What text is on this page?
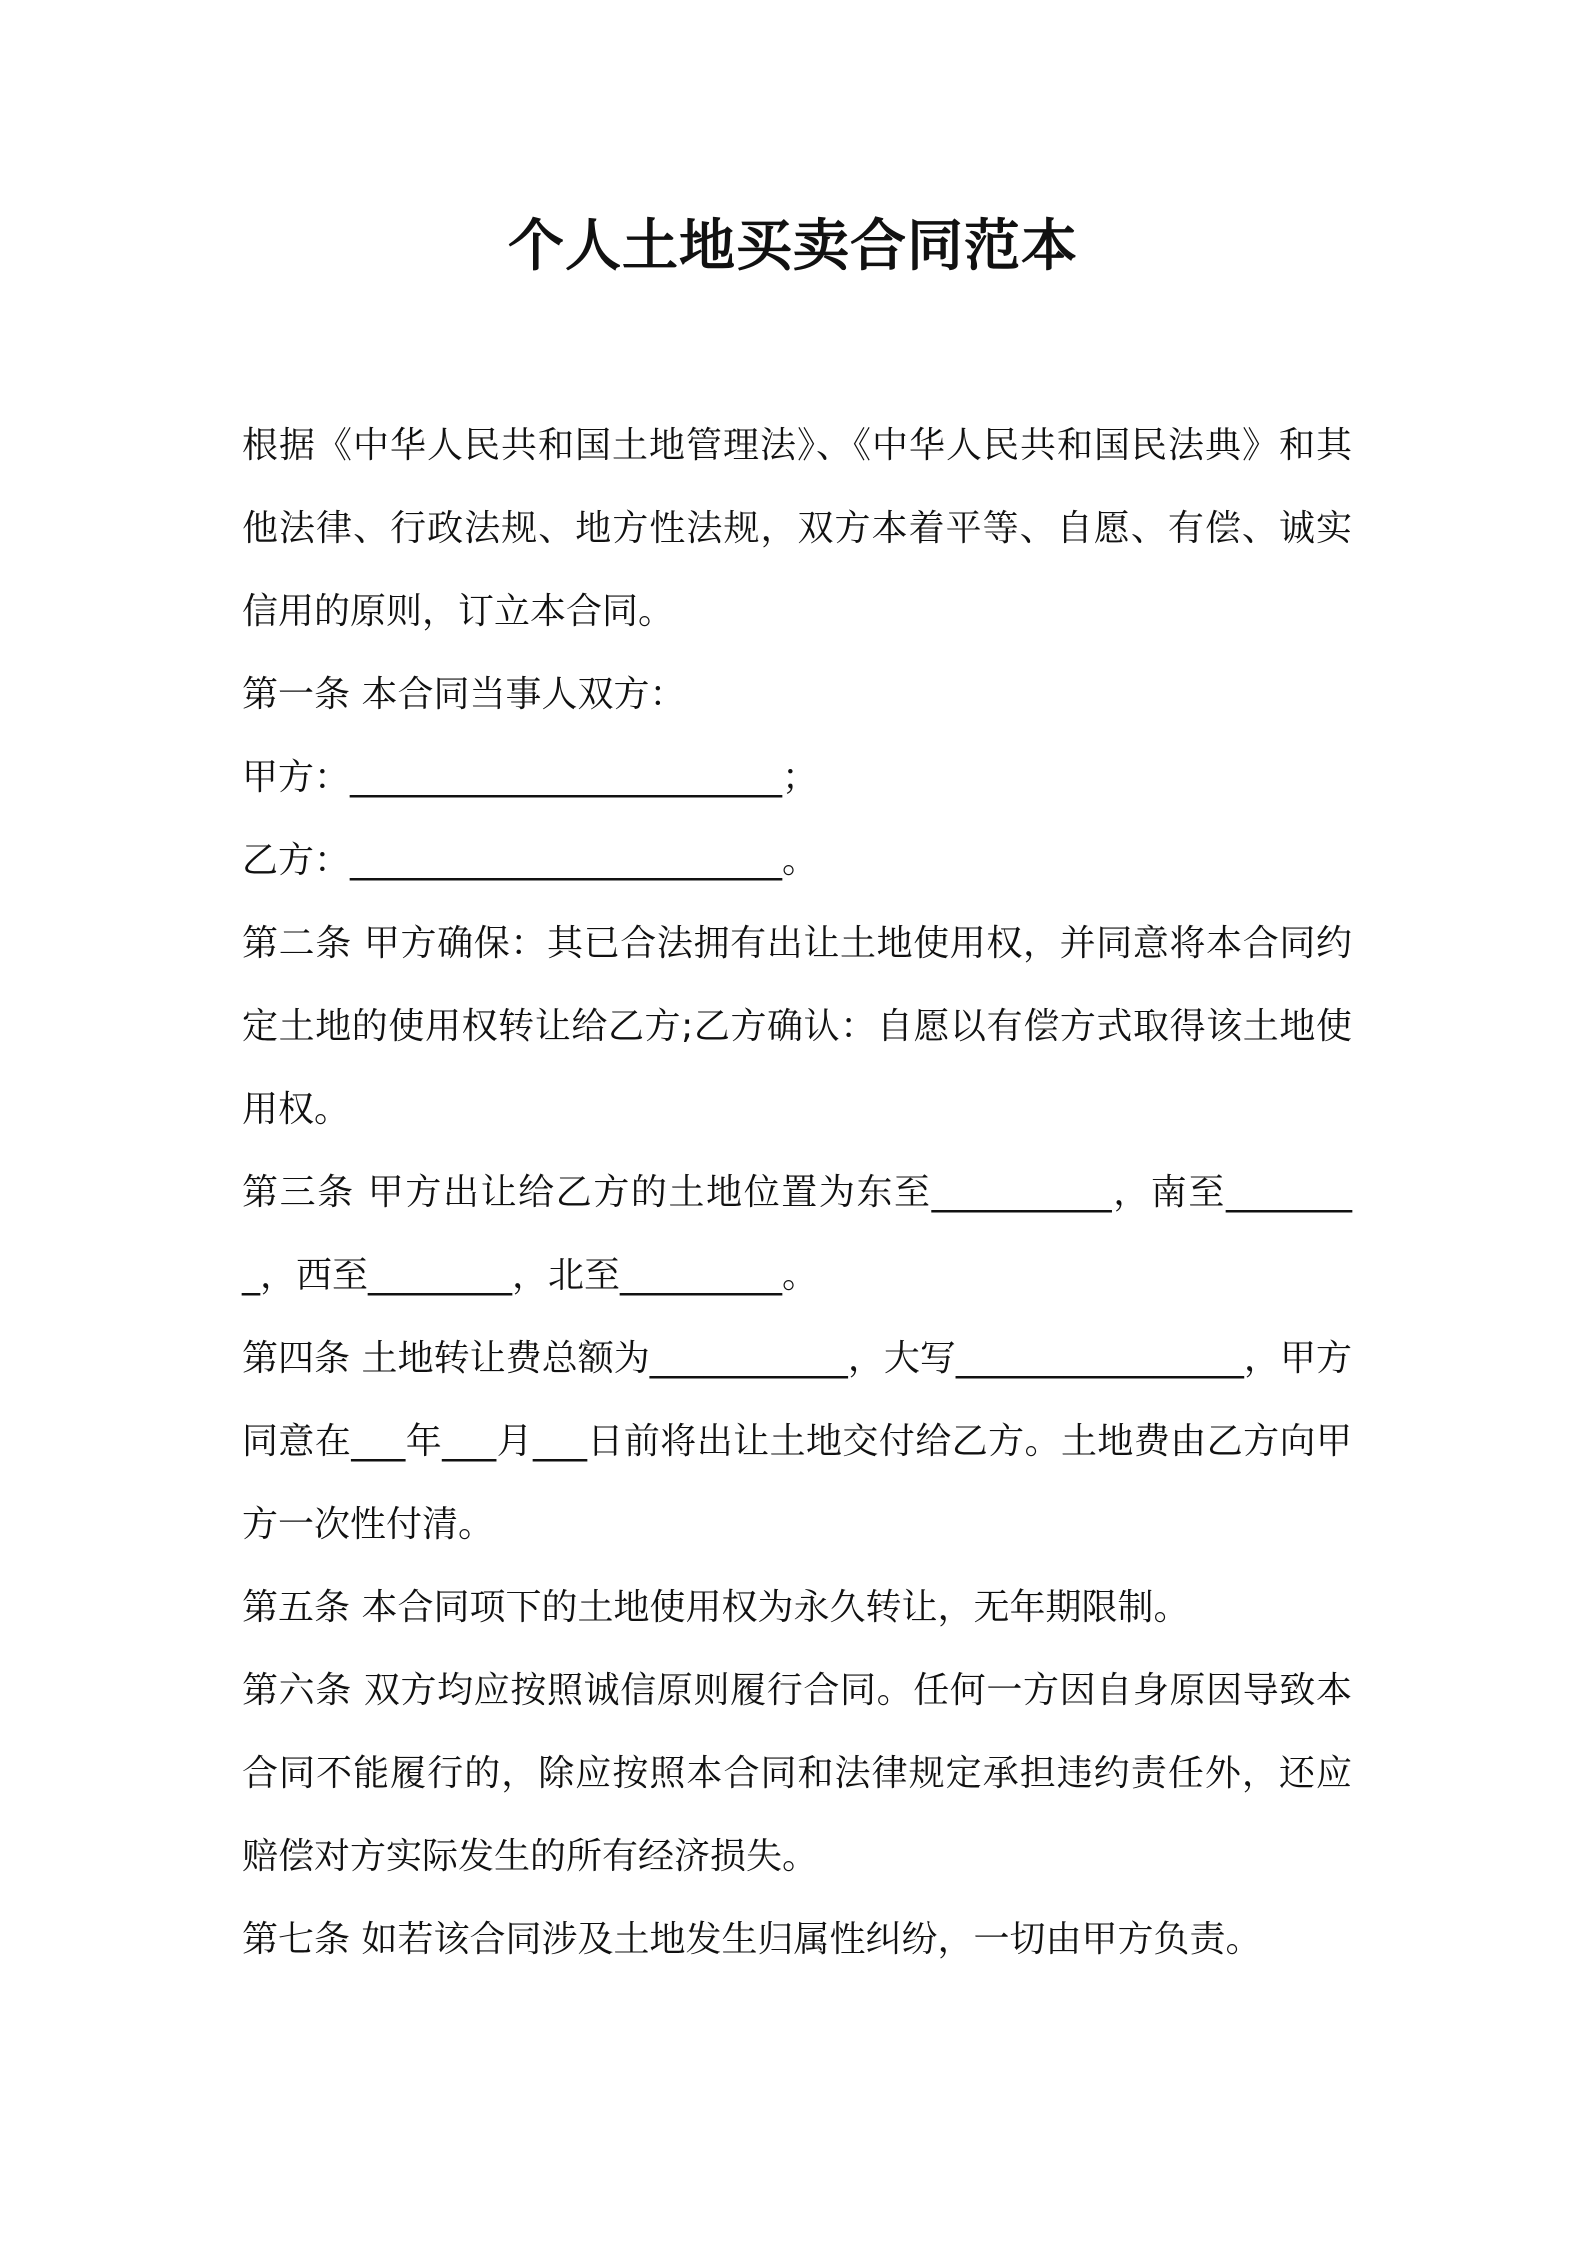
个人土地买卖合同范本

根据《中华人民共和国土地管理法》、《中华人民共和国民法典》和其他法律、行政法规、地方性法规，双方本着平等、自愿、有偿、诚实信用的原则，订立本合同。

第一条 本合同当事人双方：

甲方：________________________；

乙方：________________________。

第二条 甲方确保：其已合法拥有出让土地使用权，并同意将本合同约定土地的使用权转让给乙方;乙方确认：自愿以有偿方式取得该土地使用权。

第三条 甲方出让给乙方的土地位置为东至__________，南至________，西至________，北至_________。

第四条 土地转让费总额为___________，大写________________，甲方同意在___年___月___日前将出让土地交付给乙方。土地费由乙方向甲方一次性付清。

第五条 本合同项下的土地使用权为永久转让，无年期限制。

第六条 双方均应按照诚信原则履行合同。任何一方因自身原因导致本合同不能履行的，除应按照本合同和法律规定承担违约责任外，还应赔偿对方实际发生的所有经济损失。

第七条 如若该合同涉及土地发生归属性纠纷，一切由甲方负责。
